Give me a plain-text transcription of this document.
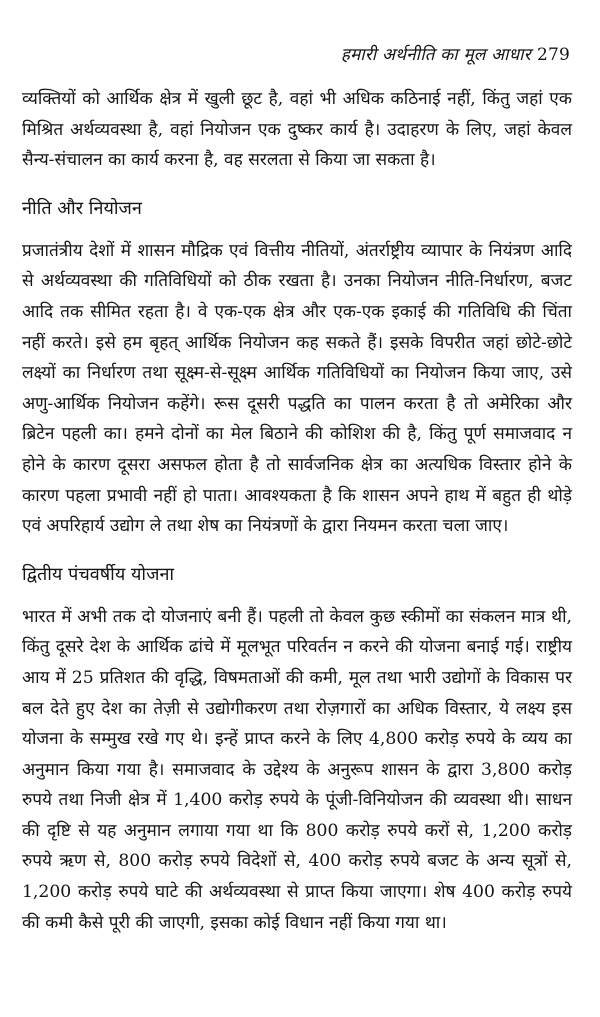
हमारी अर्थनीति का मूल आधार 279

व्यक्तियों को आर्थिक क्षेत्र में खुली छूट है, वहां भी अधिक कठिनाई नहीं, किंतु जहां एक मिश्रित अर्थव्यवस्था है, वहां नियोजन एक दुष्कर कार्य है। उदाहरण के लिए, जहां केवल सैन्य-संचालन का कार्य करना है, वह सरलता से किया जा सकता है।

नीति और नियोजन

प्रजातंत्रीय देशों में शासन मौद्रिक एवं वित्तीय नीतियों, अंतर्राष्ट्रीय व्यापार के नियंत्रण आदि से अर्थव्यवस्था की गतिविधियों को ठीक रखता है। उनका नियोजन नीति-निर्धारण, बजट आदि तक सीमित रहता है। वे एक-एक क्षेत्र और एक-एक इकाई की गतिविधि की चिंता नहीं करते। इसे हम बृहत् आर्थिक नियोजन कह सकते हैं। इसके विपरीत जहां छोटे-छोटे लक्ष्यों का निर्धारण तथा सूक्ष्म-से-सूक्ष्म आर्थिक गतिविधियों का नियोजन किया जाए, उसे अणु-आर्थिक नियोजन कहेंगे। रूस दूसरी पद्धति का पालन करता है तो अमेरिका और ब्रिटेन पहली का। हमने दोनों का मेल बिठाने की कोशिश की है, किंतु पूर्ण समाजवाद न होने के कारण दूसरा असफल होता है तो सार्वजनिक क्षेत्र का अत्यधिक विस्तार होने के कारण पहला प्रभावी नहीं हो पाता। आवश्यकता है कि शासन अपने हाथ में बहुत ही थोड़े एवं अपरिहार्य उद्योग ले तथा शेष का नियंत्रणों के द्वारा नियमन करता चला जाए।

द्वितीय पंचवर्षीय योजना

भारत में अभी तक दो योजनाएं बनी हैं। पहली तो केवल कुछ स्कीमों का संकलन मात्र थी, किंतु दूसरे देश के आर्थिक ढांचे में मूलभूत परिवर्तन न करने की योजना बनाई गई। राष्ट्रीय आय में 25 प्रतिशत की वृद्धि, विषमताओं की कमी, मूल तथा भारी उद्योगों के विकास पर बल देते हुए देश का तेज़ी से उद्योगीकरण तथा रोज़गारों का अधिक विस्तार, ये लक्ष्य इस योजना के सम्मुख रखे गए थे। इन्हें प्राप्त करने के लिए 4,800 करोड़ रुपये के व्यय का अनुमान किया गया है। समाजवाद के उद्देश्य के अनुरूप शासन के द्वारा 3,800 करोड़ रुपये तथा निजी क्षेत्र में 1,400 करोड़ रुपये के पूंजी-विनियोजन की व्यवस्था थी। साधन की दृष्टि से यह अनुमान लगाया गया था कि 800 करोड़ रुपये करों से, 1,200 करोड़ रुपये ऋण से, 800 करोड़ रुपये विदेशों से, 400 करोड़ रुपये बजट के अन्य सूत्रों से, 1,200 करोड़ रुपये घाटे की अर्थव्यवस्था से प्राप्त किया जाएगा। शेष 400 करोड़ रुपये की कमी कैसे पूरी की जाएगी, इसका कोई विधान नहीं किया गया था।
